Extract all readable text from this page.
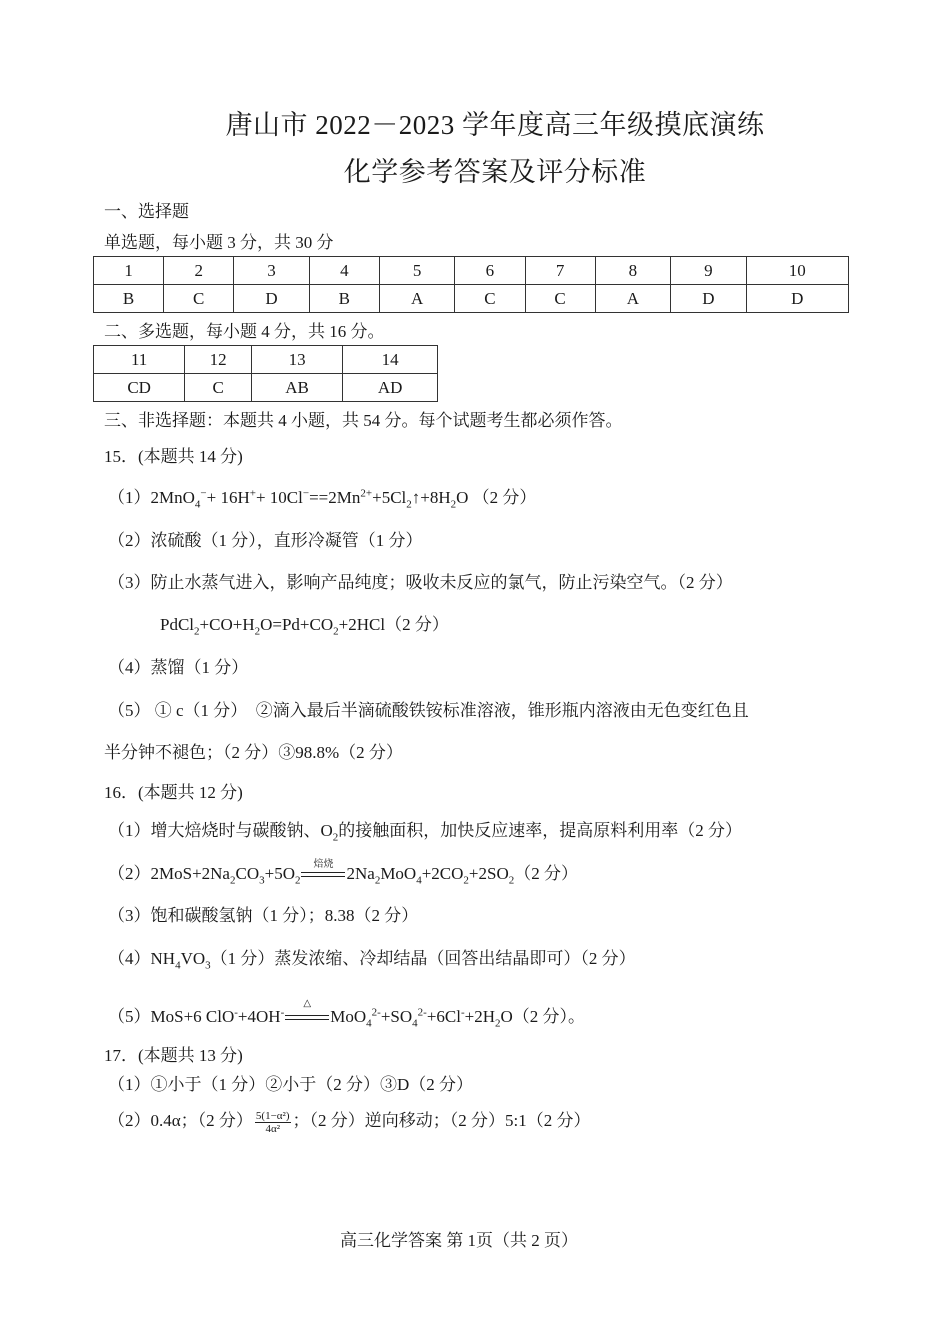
唐山市 2022－2023 学年度高三年级摸底演练
化学参考答案及评分标准
一、选择题
单选题，每小题 3 分，共 30 分
1	2	3	4	5	6	7	8	9	10
B	C	D	B	A	C	C	A	D	D
二、多选题，每小题 4 分，共 16 分。
11	12	13	14
CD	C	AB	AD
三、非选择题：本题共 4 小题，共 54 分。每个试题考生都必须作答。
15．(本题共 14 分)
$(1)2MnO_4^-+ 16H^++ 10Cl^-==2Mn^{2+}+5Cl_2↑+8H_2O$ （2 分）
（2）浓硫酸（1 分），直形冷凝管（1 分）
（3）防止水蒸气进入，影响产品纯度；吸收未反应的氯气，防止污染空气。（2 分）
$PdCl_2+CO+H_2O=Pd+CO_2+2HCl(2$ 分）
（4）蒸馏（1 分）
（5） ① c（1 分）　②滴入最后半滴硫酸铁铵标准溶液，锥形瓶内溶液由无色变红色且
半分钟不褪色；（2 分）③98.8%（2 分）
16．(本题共 12 分)
（1）增大焙烧时与碳酸钠、$O_2$的接触面积，加快反应速率，提高原料利用率（2 分）
$(2)2MoS+2Na_2CO_3+5O_2$
焙烧 $2Na_2MoO_4+2CO_2+2SO_2(2$ 分）
（3）饱和碳酸氢钠（1 分）；8.38（2 分）
$(4)NH_4VO_3(1$ 分）蒸发浓缩、冷却结晶（回答出结晶即可）（2 分）
（5）MoS+6 ClO-+4OH-
△
$MoO_4^{2-}+SO_4^{2-}+6Cl^-+2H_2O(2$ 分）。
17．(本题共 13 分)
（1）①小于（1 分）②小于（2 分）③D（2 分）
（2）0.4α；（2 分） $\frac{\text{5(1−α²)}}{\text{4α²}}$ ；（2 分）逆向移动；（2 分）5:1（2 分）
高三化学答案 第 1页（共 2 页）
